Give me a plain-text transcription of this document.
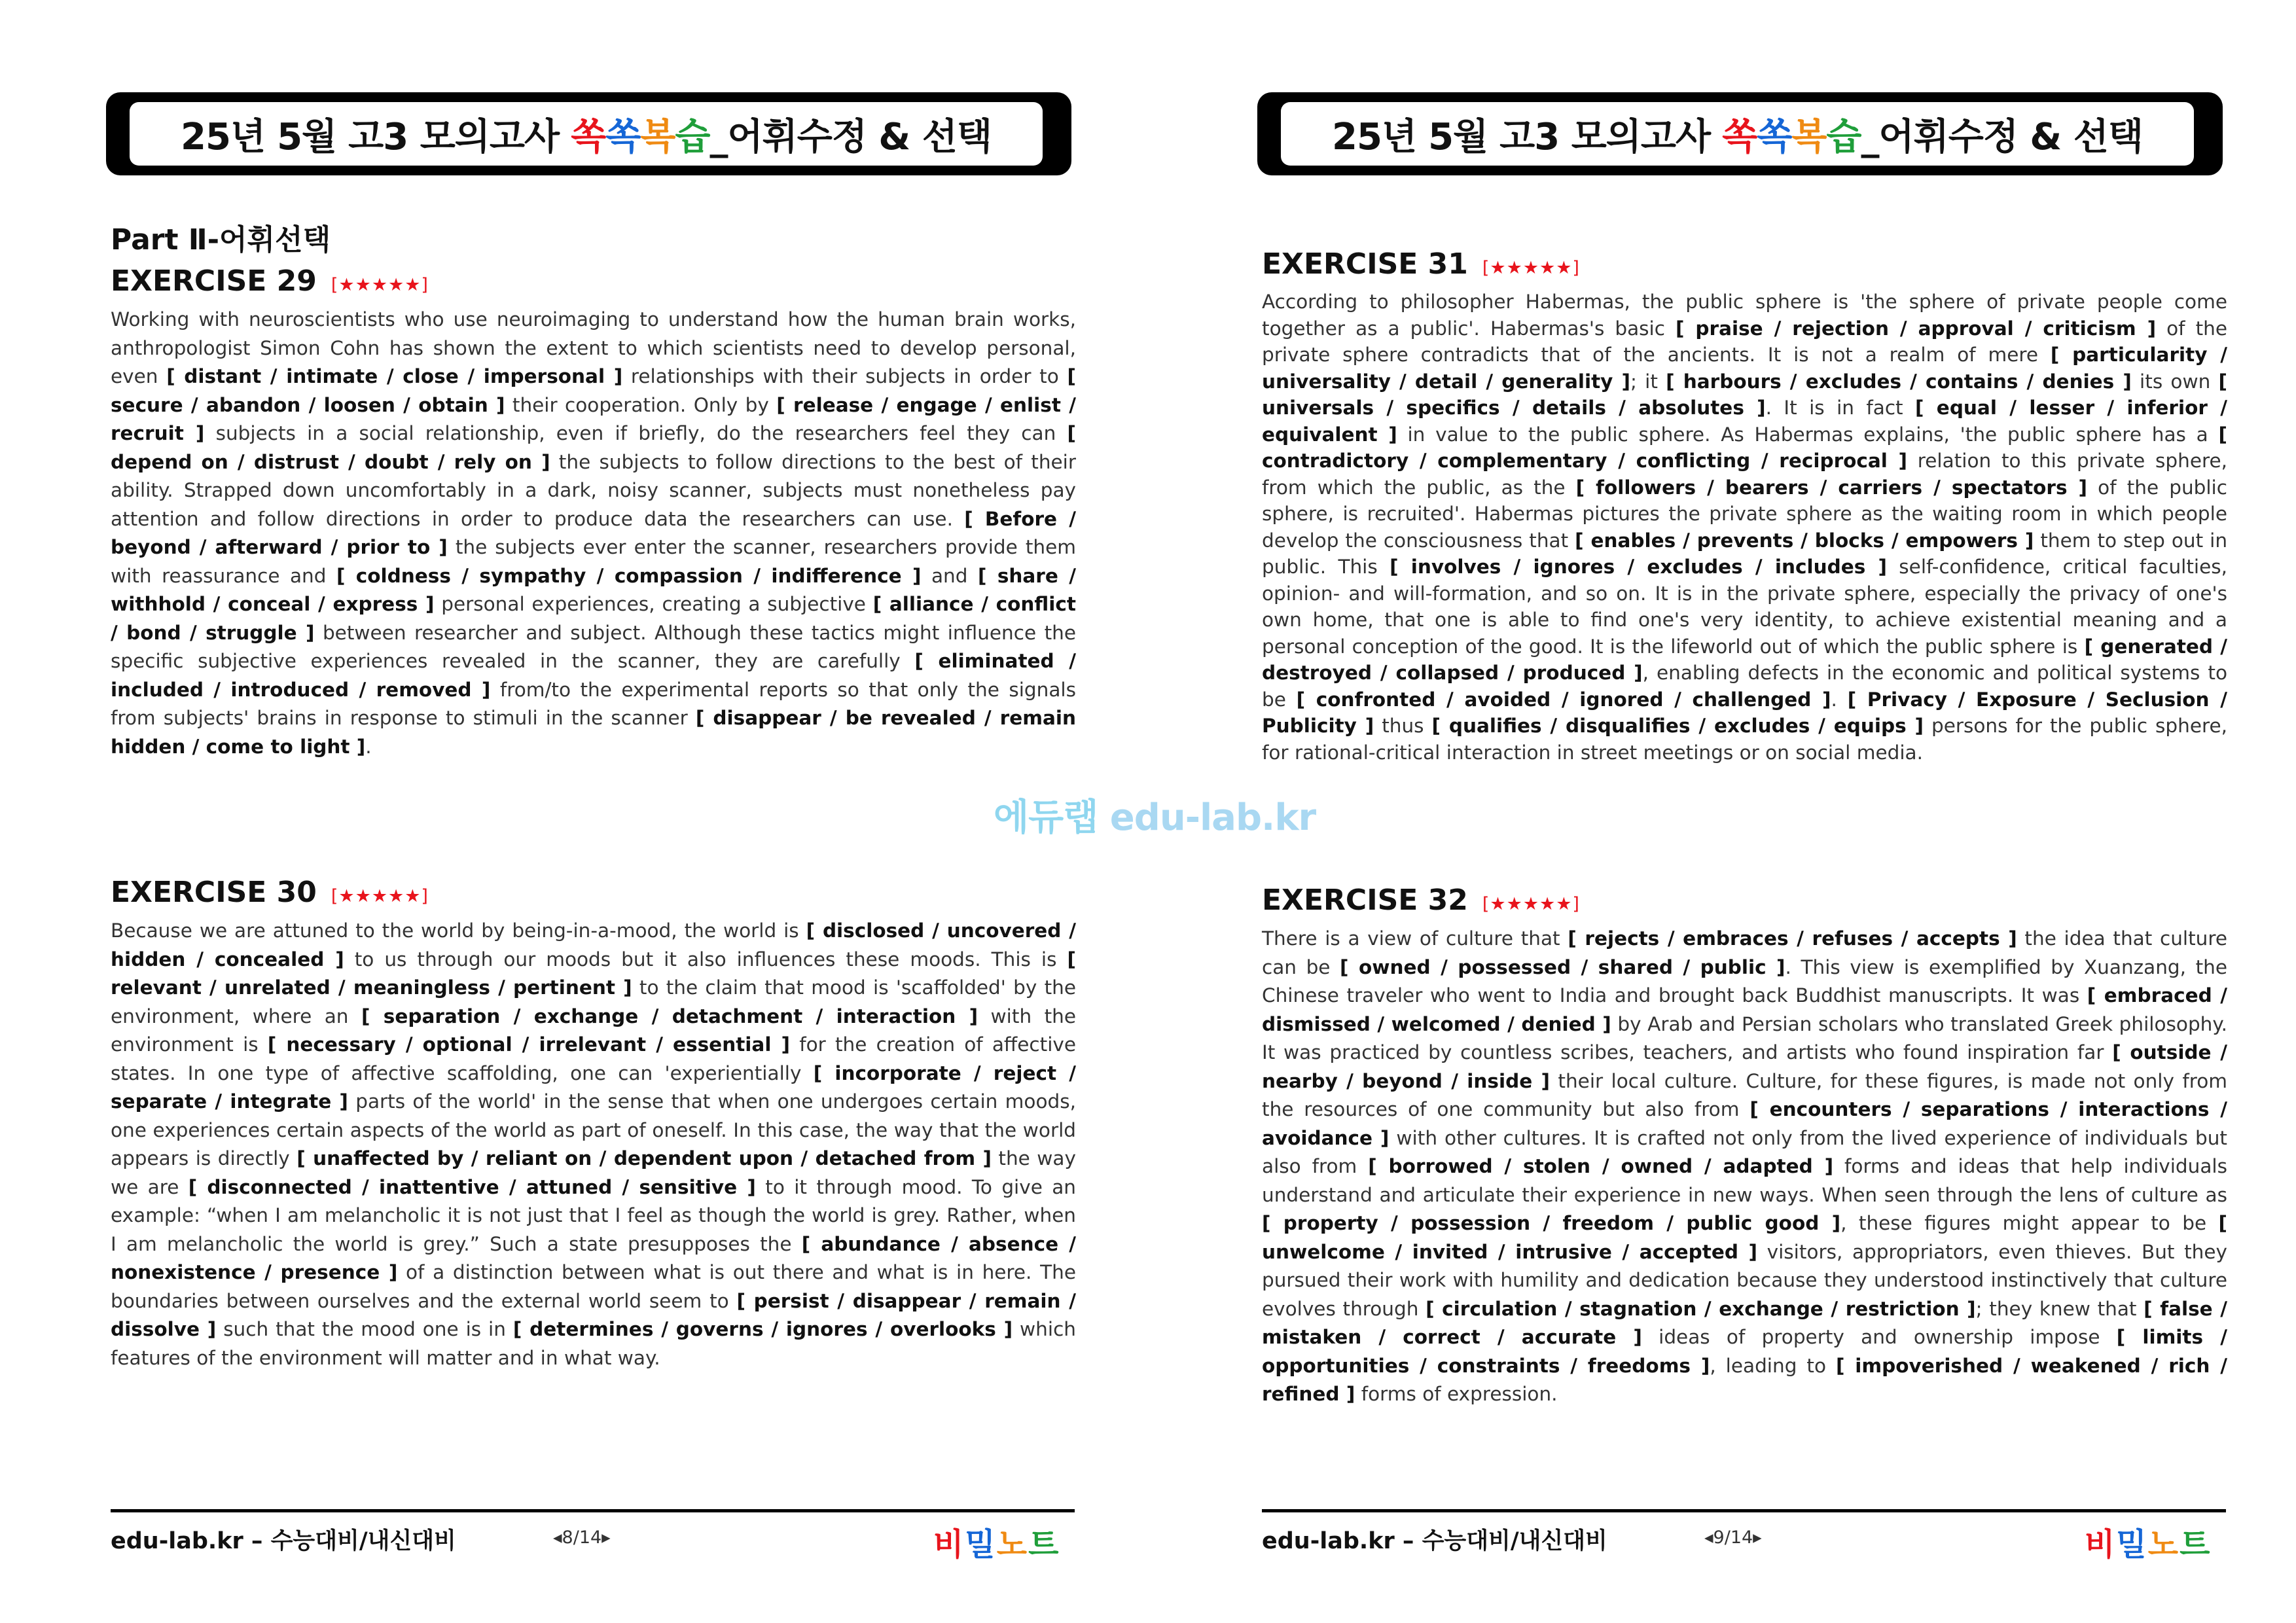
25년 5월 고3 모의고사 쏙 쏙 복 습 _어휘수정 & 선택
Part Ⅱ-어휘선택
EXERCISE 29 [★★★★★]

Working with neuroscientists who use neuroimaging to understand how the human brain works, anthropologist Simon Cohn has shown the extent to which scientists need to develop personal, even [ distant / intimate / close / impersonal ] relationships with their subjects in order to [ secure / abandon / loosen / obtain ] their cooperation. Only by [ release / engage / enlist / recruit ] subjects in a social relationship, even if briefly, do the researchers feel they can [ depend on / distrust / doubt / rely on ] the subjects to follow directions to the best of their ability. Strapped down uncomfortably in a dark, noisy scanner, subjects must nonetheless pay attention and follow directions in order to produce data the researchers can use. [ Before / beyond / afterward / prior to ] the subjects ever enter the scanner, researchers provide them with reassurance and [ coldness / sympathy / compassion / indifference ] and [ share / withhold / conceal / express ] personal experiences, creating a subjective [ alliance / conflict / bond / struggle ] between researcher and subject. Although these tactics might influence the specific subjective experiences revealed in the scanner, they are carefully [ eliminated / included / introduced / removed ] from/to the experimental reports so that only the signals from subjects' brains in response to stimuli in the scanner [ disappear / be revealed / remain hidden / come to light ].

EXERCISE 30 [★★★★★]

Because we are attuned to the world by being-in-a-mood, the world is [ disclosed / uncovered / hidden / concealed ] to us through our moods but it also influences these moods. This is [ relevant / unrelated / meaningless / pertinent ] to the claim that mood is 'scaffolded' by the environment, where an [ separation / exchange / detachment / interaction ] with the environment is [ necessary / optional / irrelevant / essential ] for the creation of affective states. In one type of affective scaffolding, one can 'experientially [ incorporate / reject / separate / integrate ] parts of the world' in the sense that when one undergoes certain moods, one experiences certain aspects of the world as part of oneself. In this case, the way that the world appears is directly [ unaffected by / reliant on / dependent upon / detached from ] the way we are [ disconnected / inattentive / attuned / sensitive ] to it through mood. To give an example: “when I am melancholic it is not just that I feel as though the world is grey. Rather, when I am melancholic the world is grey.” Such a state presupposes the [ abundance / absence / nonexistence / presence ] of a distinction between what is out there and what is in here. The boundaries between ourselves and the external world seem to [ persist / disappear / remain / dissolve ] such that the mood one is in [ determines / governs / ignores / overlooks ] which features of the environment will matter and in what way.

edu-lab.kr – 수능대비/내신대비	◂8/14▸	비밀노트
25년 5월 고3 모의고사 쏙 쏙 복 습 _어휘수정 & 선택
EXERCISE 31 [★★★★★]

According to philosopher Habermas, the public sphere is 'the sphere of private people come together as a public'. Habermas's basic [ praise / rejection / approval / criticism ] of the private sphere contradicts that of the ancients. It is not a realm of mere [ particularity / universality / detail / generality ]; it [ harbours / excludes / contains / denies ] its own [ universals / specifics / details / absolutes ]. It is in fact [ equal / lesser / inferior / equivalent ] in value to the public sphere. As Habermas explains, 'the public sphere has a [ contradictory / complementary / conflicting / reciprocal ] relation to this private sphere, from which the public, as the [ followers / bearers / carriers / spectators ] of the public sphere, is recruited'. Habermas pictures the private sphere as the waiting room in which people develop the consciousness that [ enables / prevents / blocks / empowers ] them to step out in public. This [ involves / ignores / excludes / includes ] self-confidence, critical faculties, opinion- and will-formation, and so on. It is in the private sphere, especially the privacy of one's own home, that one is able to find one's very identity, to achieve existential meaning and a personal conception of the good. It is the lifeworld out of which the public sphere is [ generated / destroyed / collapsed / produced ], enabling defects in the economic and political systems to be [ confronted / avoided / ignored / challenged ]. [ Privacy / Exposure / Seclusion / Publicity ] thus [ qualifies / disqualifies / excludes / equips ] persons for the public sphere, for rational-critical interaction in street meetings or on social media.

EXERCISE 32 [★★★★★]

There is a view of culture that [ rejects / embraces / refuses / accepts ] the idea that culture can be [ owned / possessed / shared / public ]. This view is exemplified by Xuanzang, the Chinese traveler who went to India and brought back Buddhist manuscripts. It was [ embraced / dismissed / welcomed / denied ] by Arab and Persian scholars who translated Greek philosophy. It was practiced by countless scribes, teachers, and artists who found inspiration far [ outside / nearby / beyond / inside ] their local culture. Culture, for these figures, is made not only from the resources of one community but also from [ encounters / separations / interactions / avoidance ] with other cultures. It is crafted not only from the lived experience of individuals but also from [ borrowed / stolen / owned / adapted ] forms and ideas that help individuals understand and articulate their experience in new ways. When seen through the lens of culture as [ property / possession / freedom / public good ], these figures might appear to be [ unwelcome / invited / intrusive / accepted ] visitors, appropriators, even thieves. But they pursued their work with humility and dedication because they understood instinctively that culture evolves through [ circulation / stagnation / exchange / restriction ]; they knew that [ false / mistaken / correct / accurate ] ideas of property and ownership impose [ limits / opportunities / constraints / freedoms ], leading to [ impoverished / weakened / rich / refined ] forms of expression.

edu-lab.kr – 수능대비/내신대비	◂9/14▸	비밀노트
에듀랩 edu-lab.kr
